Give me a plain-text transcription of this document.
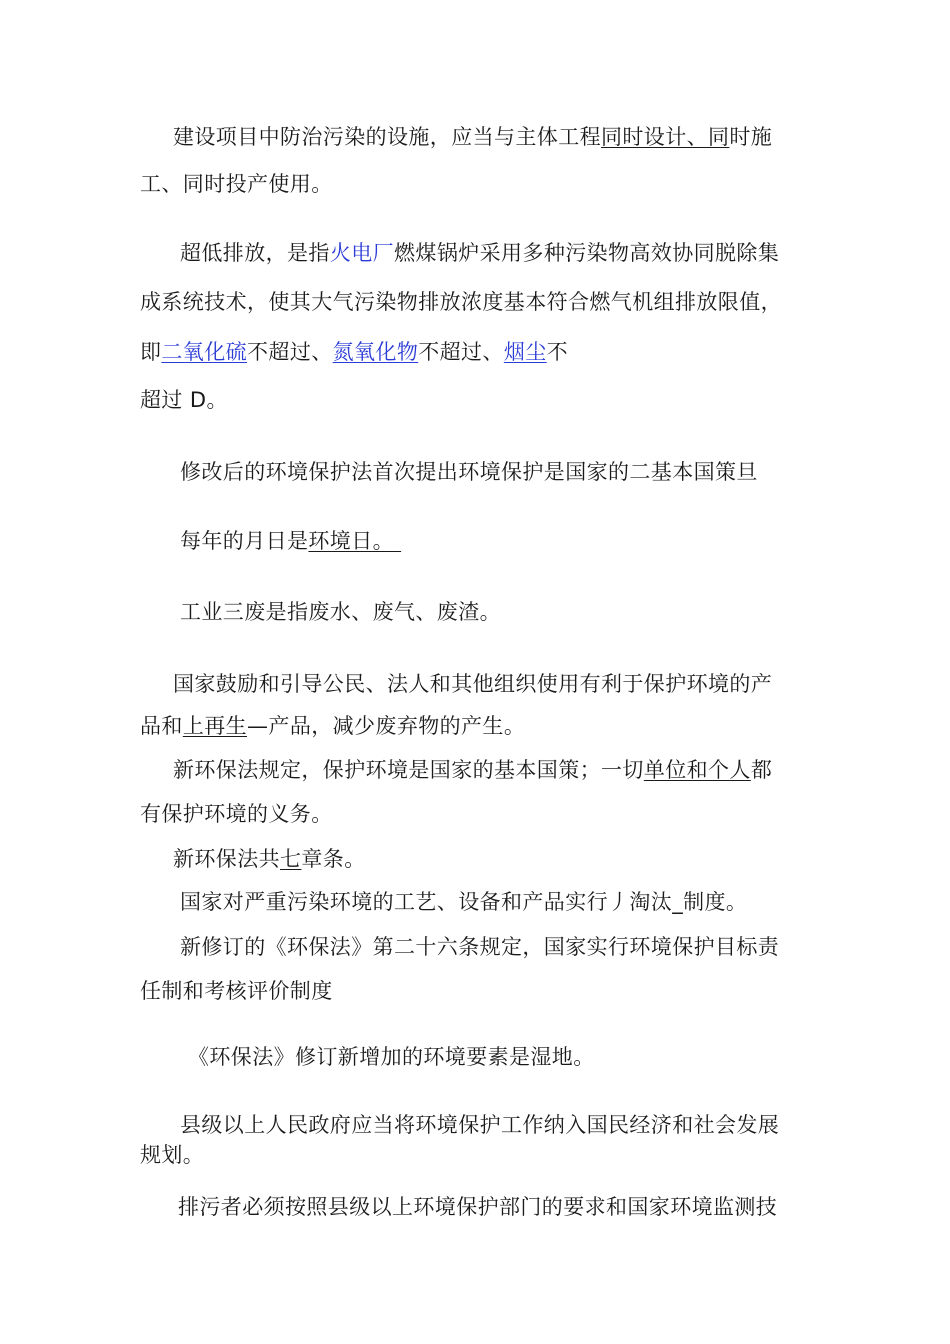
建设项目中防治污染的设施，应当与主体工程同时设计、同时施
工、同时投产使用。
超低排放，是指火电厂燃煤锅炉采用多种污染物高效协同脱除集
成系统技术，使其大气污染物排放浓度基本符合燃气机组排放限值，
即二氧化硫不超过、氮氧化物不超过、烟尘不
超过 D。
修改后的环境保护法首次提出环境保护是国家的二基本国策旦
每年的月日是环境日。
工业三废是指废水、废气、废渣。
国家鼓励和引导公民、法人和其他组织使用有利于保护环境的产
品和上再生—产品，减少废弃物的产生。
新环保法规定，保护环境是国家的基本国策；一切单位和个人都
有保护环境的义务。
新环保法共七章条。
国家对严重污染环境的工艺、设备和产品实行丿淘汰_制度。
新修订的《环保法》第二十六条规定，国家实行环境保护目标责
任制和考核评价制度
《环保法》修订新增加的环境要素是湿地。
县级以上人民政府应当将环境保护工作纳入国民经济和社会发展
规划。
排污者必须按照县级以上环境保护部门的要求和国家环境监测技
